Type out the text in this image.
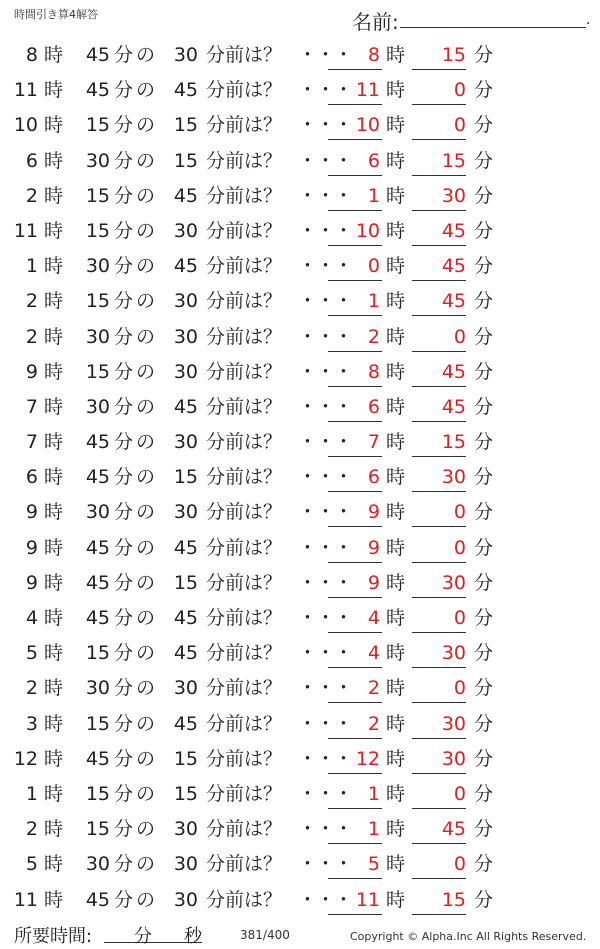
時間引き算4解答	名前:	.
8 時	45 分 の 30 分前は？ ・・・ 8 時	15 分
11 時	45 分 の 45 分前は？ ・・・ 11 時	0 分
10 時	15 分 の 15 分前は？ ・・・ 10 時	0 分
6 時	30 分 の 15 分前は？ ・・・ 6 時	15 分
2 時	15 分 の 45 分前は？ ・・・ 1 時	30 分
11 時	15 分 の 30 分前は？ ・・・ 10 時	45 分
1 時	30 分 の 45 分前は？ ・・・ 0 時	45 分
2 時	15 分 の 30 分前は？ ・・・ 1 時	45 分
2 時	30 分 の 30 分前は？ ・・・ 2 時	0 分
9 時	15 分 の 30 分前は？ ・・・ 8 時	45 分
7 時	30 分 の 45 分前は？ ・・・ 6 時	45 分
7 時	45 分 の 30 分前は？ ・・・ 7 時	15 分
6 時	45 分 の 15 分前は？ ・・・ 6 時	30 分
9 時	30 分 の 30 分前は？ ・・・ 9 時	0 分
9 時	45 分 の 45 分前は？ ・・・ 9 時	0 分
9 時	45 分 の 15 分前は？ ・・・ 9 時	30 分
4 時	45 分 の 45 分前は？ ・・・ 4 時	0 分
5 時	15 分 の 45 分前は？ ・・・ 4 時	30 分
2 時	30 分 の 30 分前は？ ・・・ 2 時	0 分
3 時	15 分 の 45 分前は？ ・・・ 2 時	30 分
12 時	45 分 の 15 分前は？ ・・・ 12 時	30 分
1 時	15 分 の 15 分前は？ ・・・ 1 時	0 分
2 時	15 分 の 30 分前は？ ・・・ 1 時	45 分
5 時	30 分 の 30 分前は？ ・・・ 5 時	0 分
11 時	45 分 の 30 分前は？ ・・・ 11 時	15 分
所要時間: 分 秒	381/400	Copyright © Alpha.Inc All Rights Reserved.
